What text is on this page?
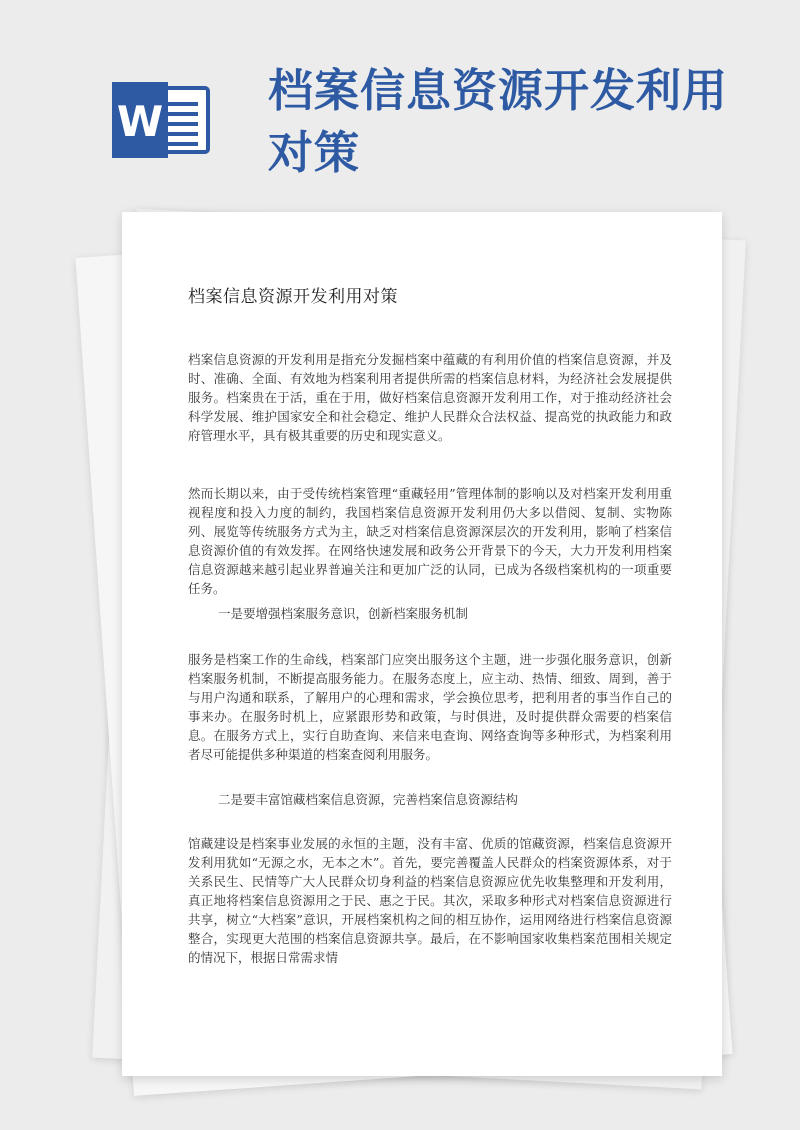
W
档案信息资源开发利用对策
档案信息资源开发利用对策

档案信息资源的开发利用是指充分发掘档案中蕴藏的有利用价值的档案信息资源，并及时、准确、全面、有效地为档案利用者提供所需的档案信息材料，为经济社会发展提供服务。档案贵在于活，重在于用，做好档案信息资源开发利用工作，对于推动经济社会科学发展、维护国家安全和社会稳定、维护人民群众合法权益、提高党的执政能力和政府管理水平，具有极其重要的历史和现实意义。

然而长期以来，由于受传统档案管理“重藏轻用”管理体制的影响以及对档案开发利用重视程度和投入力度的制约，我国档案信息资源开发利用仍大多以借阅、复制、实物陈列、展览等传统服务方式为主，缺乏对档案信息资源深层次的开发利用，影响了档案信息资源价值的有效发挥。在网络快速发展和政务公开背景下的今天，大力开发利用档案信息资源越来越引起业界普遍关注和更加广泛的认同，已成为各级档案机构的一项重要任务。

一是要增强档案服务意识，创新档案服务机制

服务是档案工作的生命线，档案部门应突出服务这个主题，进一步强化服务意识，创新档案服务机制，不断提高服务能力。在服务态度上，应主动、热情、细致、周到，善于与用户沟通和联系，了解用户的心理和需求，学会换位思考，把利用者的事当作自己的事来办。在服务时机上，应紧跟形势和政策，与时俱进，及时提供群众需要的档案信息。在服务方式上，实行自助查询、来信来电查询、网络查询等多种形式，为档案利用者尽可能提供多种渠道的档案查阅利用服务。

二是要丰富馆藏档案信息资源，完善档案信息资源结构

馆藏建设是档案事业发展的永恒的主题，没有丰富、优质的馆藏资源，档案信息资源开发利用犹如“无源之水，无本之木”。首先，要完善覆盖人民群众的档案资源体系，对于关系民生、民情等广大人民群众切身利益的档案信息资源应优先收集整理和开发利用，真正地将档案信息资源用之于民、惠之于民。其次，采取多种形式对档案信息资源进行共享，树立“大档案”意识，开展档案机构之间的相互协作，运用网络进行档案信息资源整合，实现更大范围的档案信息资源共享。最后，在不影响国家收集档案范围相关规定的情况下，根据日常需求情
